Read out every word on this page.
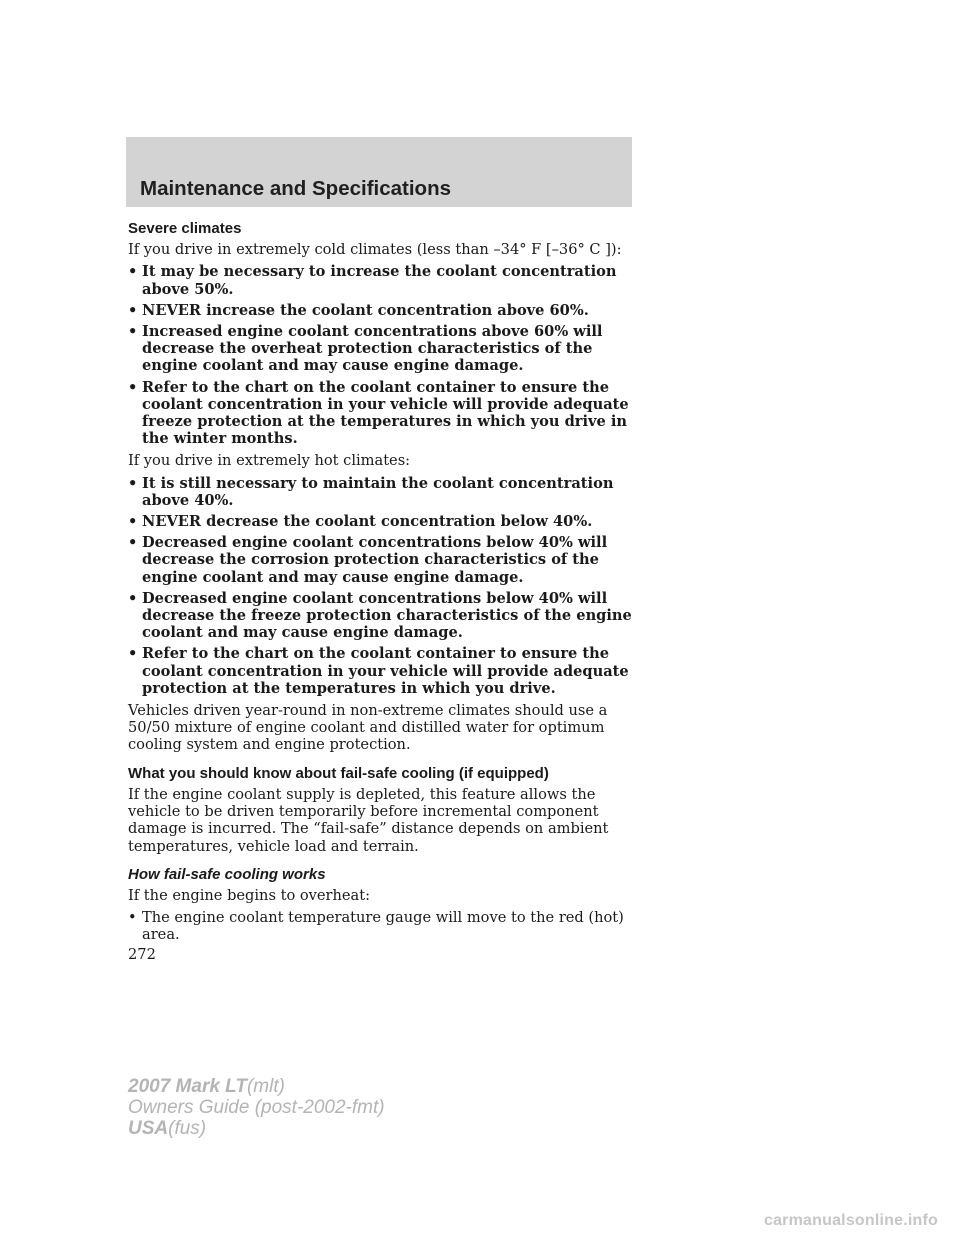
Maintenance and Specifications
Severe climates

If you drive in extremely cold climates (less than –34° F [–36° C ]):

• It may be necessary to increase the coolant concentration above 50%.
• NEVER increase the coolant concentration above 60%.
• Increased engine coolant concentrations above 60% will decrease the overheat protection characteristics of the engine coolant and may cause engine damage.
• Refer to the chart on the coolant container to ensure the coolant concentration in your vehicle will provide adequate freeze protection at the temperatures in which you drive in the winter months.

If you drive in extremely hot climates:

• It is still necessary to maintain the coolant concentration above 40%.
• NEVER decrease the coolant concentration below 40%.
• Decreased engine coolant concentrations below 40% will decrease the corrosion protection characteristics of the engine coolant and may cause engine damage.
• Decreased engine coolant concentrations below 40% will decrease the freeze protection characteristics of the engine coolant and may cause engine damage.
• Refer to the chart on the coolant container to ensure the coolant concentration in your vehicle will provide adequate protection at the temperatures in which you drive.

Vehicles driven year-round in non-extreme climates should use a 50/50 mixture of engine coolant and distilled water for optimum cooling system and engine protection.

What you should know about fail-safe cooling (if equipped)

If the engine coolant supply is depleted, this feature allows the vehicle to be driven temporarily before incremental component damage is incurred. The “fail-safe” distance depends on ambient temperatures, vehicle load and terrain.

How fail-safe cooling works

If the engine begins to overheat:

• The engine coolant temperature gauge will move to the red (hot) area.
272
2007 Mark LT(mlt)
Owners Guide (post-2002-fmt)
USA(fus)
carmanualsonline.info
